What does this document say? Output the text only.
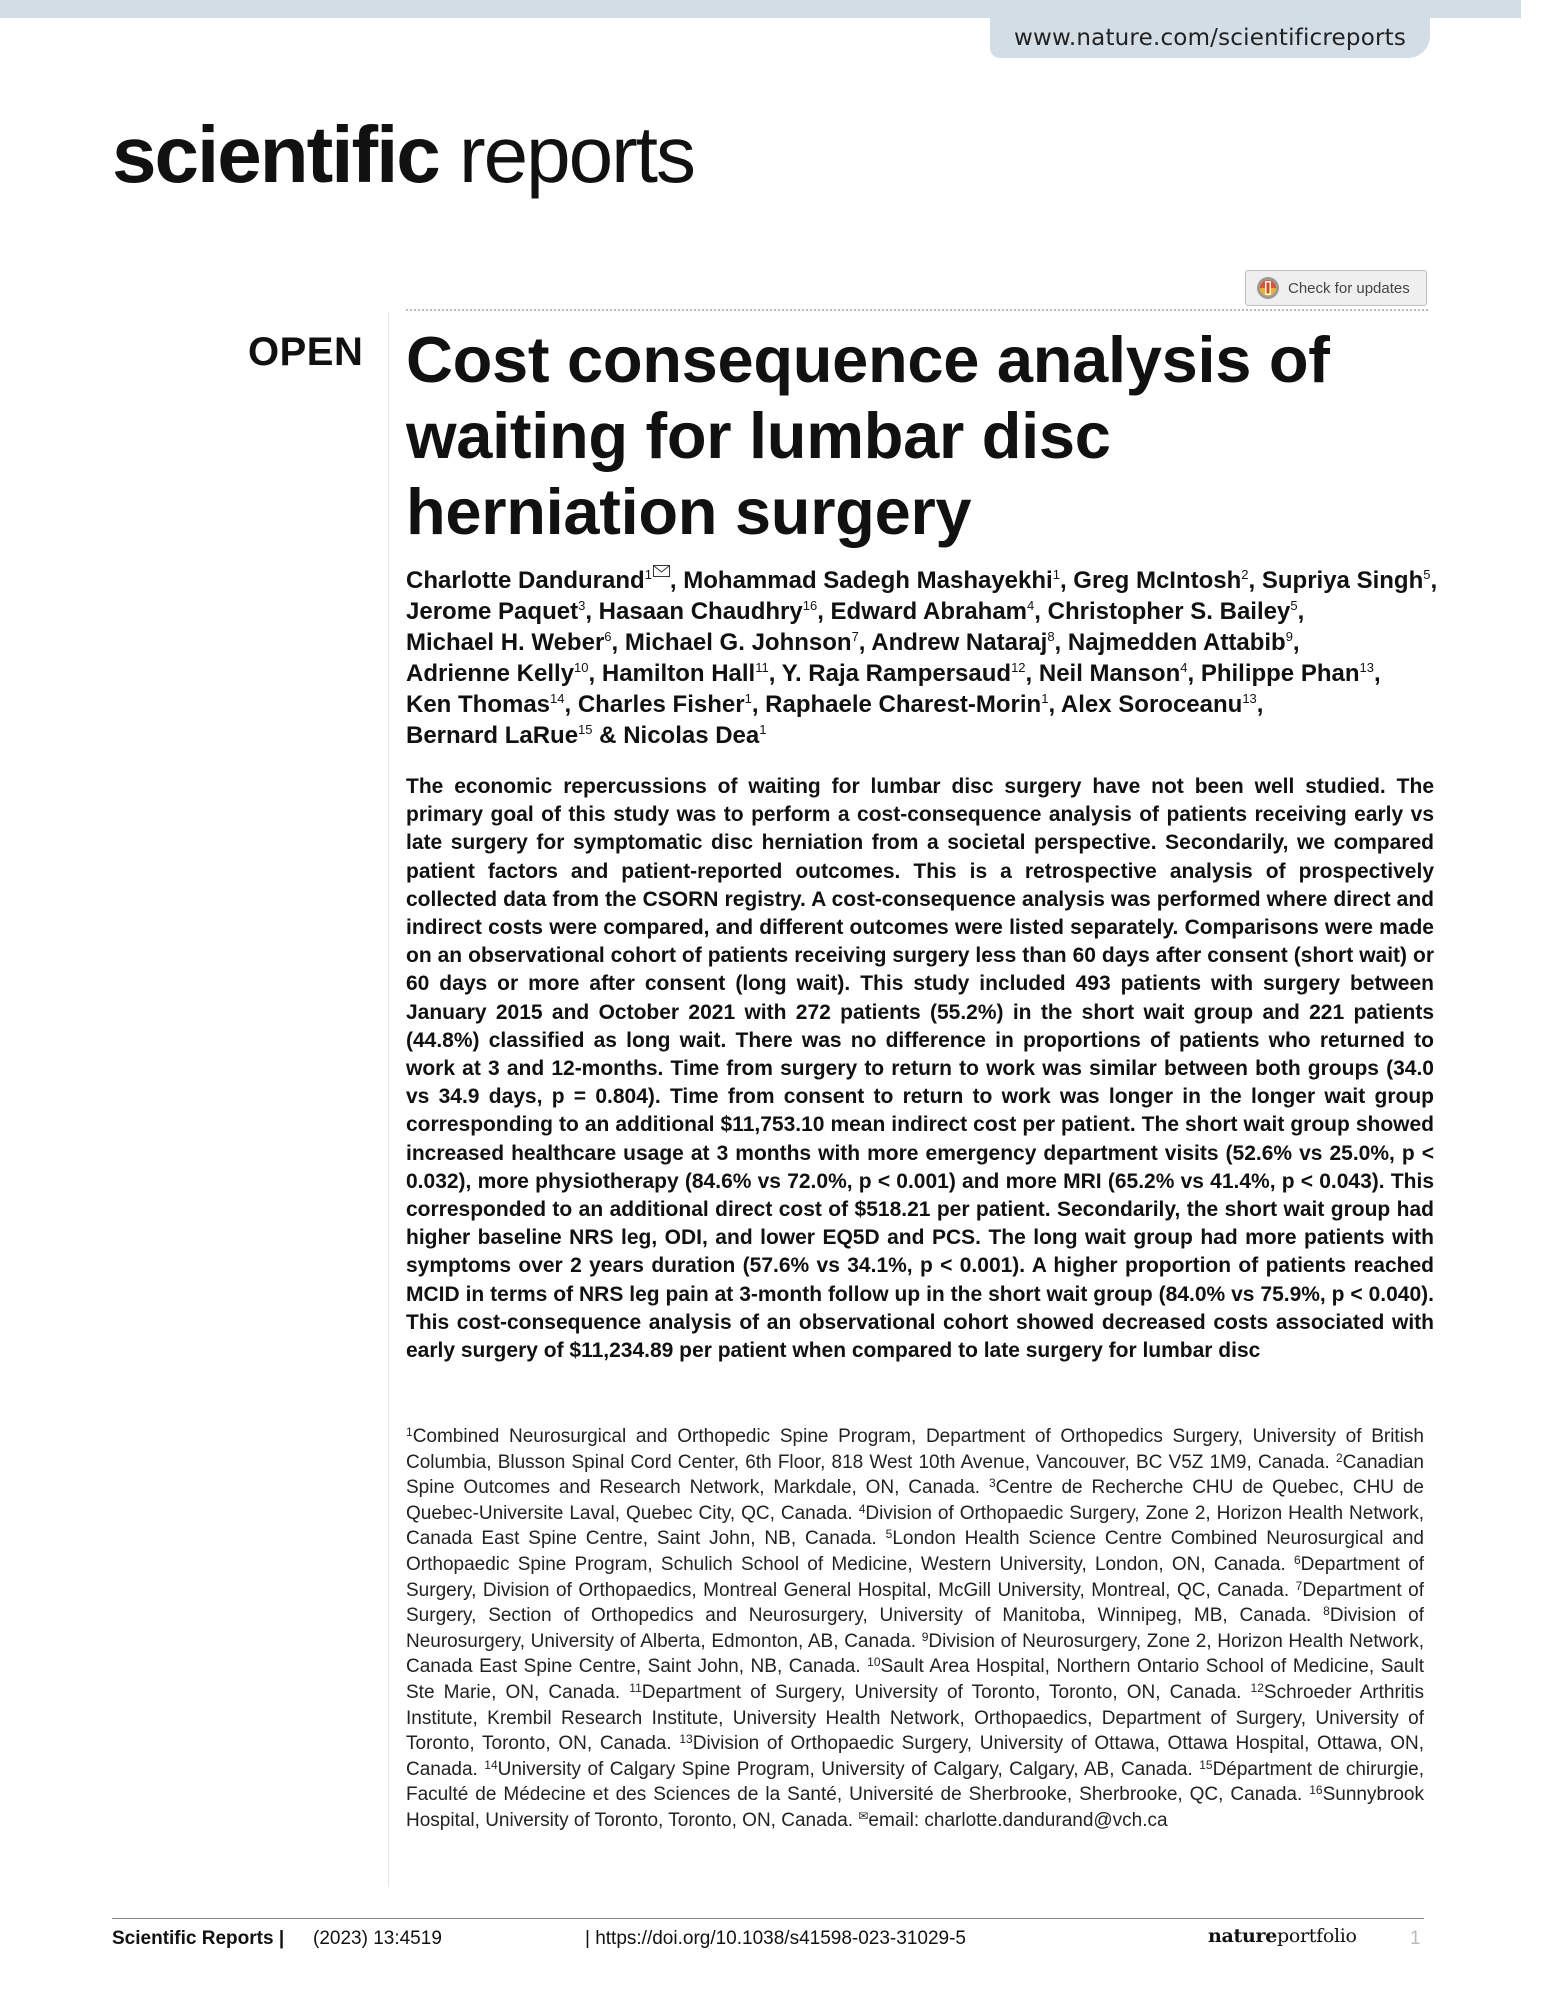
www.nature.com/scientificreports
scientific reports
Check for updates
OPEN Cost consequence analysis of waiting for lumbar disc herniation surgery
Charlotte Dandurand$^1$ , Mohammad Sadegh Mashayekhi$^1$, Greg McIntosh$^2$, Supriya Singh$^5$,
Jerome Paquet$^3$, Hasaan Chaudhry$^{16}$, Edward Abraham$^4$, Christopher S. Bailey$^5$,
Michael H. Weber$^6$, Michael G. Johnson$^7$, Andrew Nataraj$^8$, Najmedden Attabib$^9$,
Adrienne Kelly$^{10}$, Hamilton Hall$^{11}$, Y. Raja Rampersaud$^{12}$, Neil Manson$^4$, Philippe Phan$^{13}$,
Ken Thomas$^{14}$, Charles Fisher$^1$, Raphaele Charest-Morin$^1$, Alex Soroceanu$^{13}$,
Bernard LaRue$^{15}$ & Nicolas Dea$^1$

The economic repercussions of waiting for lumbar disc surgery have not been well studied. The primary goal of this study was to perform a cost-consequence analysis of patients receiving early vs late surgery for symptomatic disc herniation from a societal perspective. Secondarily, we compared patient factors and patient-reported outcomes. This is a retrospective analysis of prospectively collected data from the CSORN registry. A cost-consequence analysis was performed where direct and indirect costs were compared, and different outcomes were listed separately. Comparisons were made on an observational cohort of patients receiving surgery less than 60 days after consent (short wait) or 60 days or more after consent (long wait). This study included 493 patients with surgery between January 2015 and October 2021 with 272 patients (55.2%) in the short wait group and 221 patients (44.8%) classified as long wait. There was no difference in proportions of patients who returned to work at 3 and 12-months. Time from surgery to return to work was similar between both groups (34.0 vs 34.9 days, p = 0.804). Time from consent to return to work was longer in the longer wait group corresponding to an additional $11,753.10 mean indirect cost per patient. The short wait group showed increased healthcare usage at 3 months with more emergency department visits (52.6% vs 25.0%, p < 0.032), more physiotherapy (84.6% vs 72.0%, p < 0.001) and more MRI (65.2% vs 41.4%, p < 0.043). This corresponded to an additional direct cost of $518.21 per patient. Secondarily, the short wait group had higher baseline NRS leg, ODI, and lower EQ5D and PCS. The long wait group had more patients with symptoms over 2 years duration (57.6% vs 34.1%, p < 0.001). A higher proportion of patients reached MCID in terms of NRS leg pain at 3-month follow up in the short wait group (84.0% vs 75.9%, p < 0.040). This cost-consequence analysis of an observational cohort showed decreased costs associated with early surgery of $11,234.89 per patient when compared to late surgery for lumbar disc

$^1$Combined Neurosurgical and Orthopedic Spine Program, Department of Orthopedics Surgery, University of British Columbia, Blusson Spinal Cord Center, 6th Floor, 818 West 10th Avenue, Vancouver, BC V5Z 1M9, Canada. $^2$Canadian Spine Outcomes and Research Network, Markdale, ON, Canada. $^3$Centre de Recherche CHU de Quebec, CHU de Quebec-Universite Laval, Quebec City, QC, Canada. $^4$Division of Orthopaedic Surgery, Zone 2, Horizon Health Network, Canada East Spine Centre, Saint John, NB, Canada. $^5$London Health Science Centre Combined Neurosurgical and Orthopaedic Spine Program, Schulich School of Medicine, Western University, London, ON, Canada. $^6$Department of Surgery, Division of Orthopaedics, Montreal General Hospital, McGill University, Montreal, QC, Canada. $^7$Department of Surgery, Section of Orthopedics and Neurosurgery, University of Manitoba, Winnipeg, MB, Canada. $^8$Division of Neurosurgery, University of Alberta, Edmonton, AB, Canada. $^9$Division of Neurosurgery, Zone 2, Horizon Health Network, Canada East Spine Centre, Saint John, NB, Canada. $^{10}$Sault Area Hospital, Northern Ontario School of Medicine, Sault Ste Marie, ON, Canada. $^{11}$Department of Surgery, University of Toronto, Toronto, ON, Canada. $^{12}$Schroeder Arthritis Institute, Krembil Research Institute, University Health Network, Orthopaedics, Department of Surgery, University of Toronto, Toronto, ON, Canada. $^{13}$Division of Orthopaedic Surgery, University of Ottawa, Ottawa Hospital, Ottawa, ON, Canada. $^{14}$University of Calgary Spine Program, University of Calgary, Calgary, AB, Canada. $^{15}$Départment de chirurgie, Faculté de Médecine et des Sciences de la Santé, Université de Sherbrooke, Sherbrooke, QC, Canada. $^{16}$Sunnybrook Hospital, University of Toronto, Toronto, ON, Canada. ✉email: charlotte.dandurand@vch.ca

Scientific Reports | (2023) 13:4519	| https://doi.org/10.1038/s41598-023-31029-5	natureportfolio	1
